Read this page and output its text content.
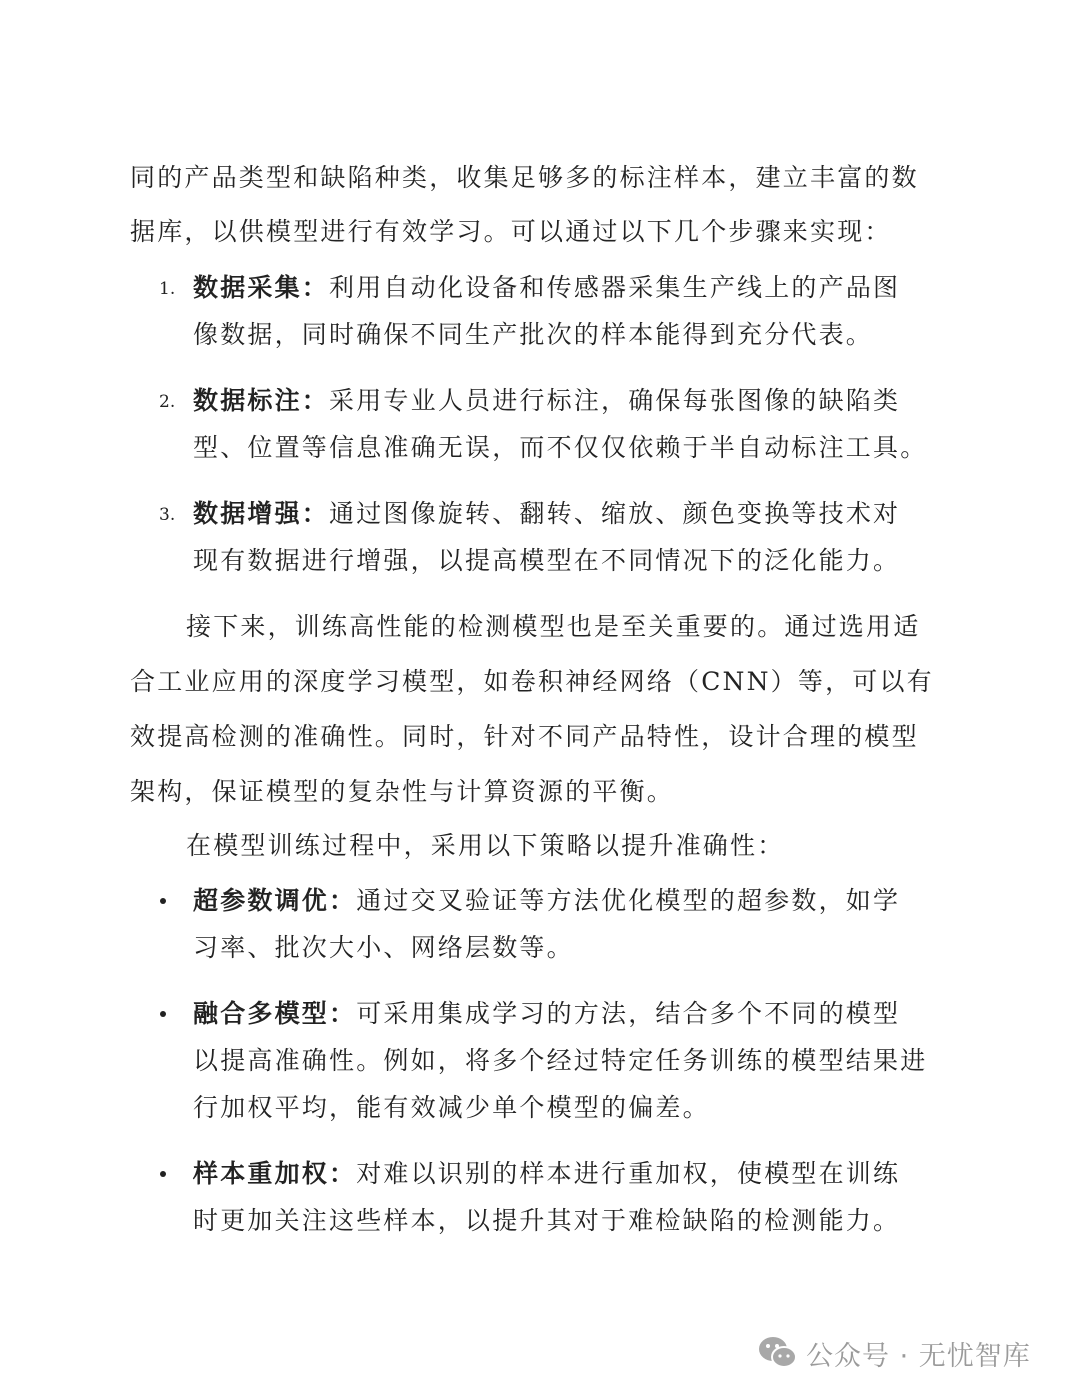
同的产品类型和缺陷种类，收集足够多的标注样本，建立丰富的数
据库，以供模型进行有效学习。可以通过以下几个步骤来实现：
1. 数据采集：利用自动化设备和传感器采集生产线上的产品图
像数据，同时确保不同生产批次的样本能得到充分代表。
2. 数据标注：采用专业人员进行标注，确保每张图像的缺陷类
型、位置等信息准确无误，而不仅仅依赖于半自动标注工具。
3. 数据增强：通过图像旋转、翻转、缩放、颜色变换等技术对
现有数据进行增强，以提高模型在不同情况下的泛化能力。
接下来，训练高性能的检测模型也是至关重要的。通过选用适
合工业应用的深度学习模型，如卷积神经网络（CNN）等，可以有
效提高检测的准确性。同时，针对不同产品特性，设计合理的模型
架构，保证模型的复杂性与计算资源的平衡。
在模型训练过程中，采用以下策略以提升准确性：
超参数调优：通过交叉验证等方法优化模型的超参数，如学
习率、批次大小、网络层数等。
融合多模型：可采用集成学习的方法，结合多个不同的模型
以提高准确性。例如，将多个经过特定任务训练的模型结果进
行加权平均，能有效减少单个模型的偏差。
样本重加权：对难以识别的样本进行重加权，使模型在训练
时更加关注这些样本，以提升其对于难检缺陷的检测能力。
公众号 · 无忧智库
